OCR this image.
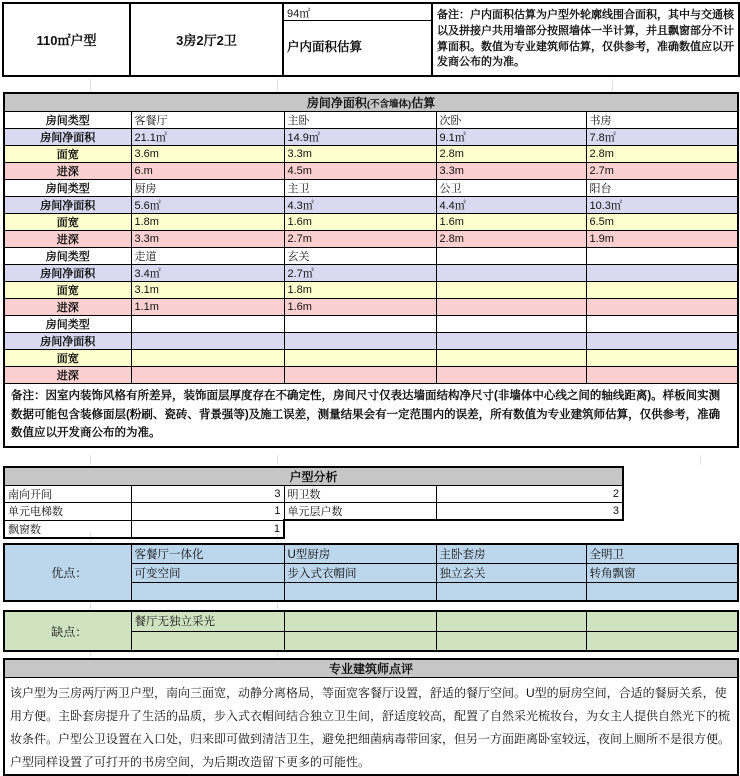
110㎡户型	3房2厅2卫	
94㎡
户内面积估算
	备注：户内面积估算为户型外轮廓线围合面积，其中与交通核以及拼接户共用墙部分按照墙体一半计算，并且飘窗部分不计算面积。数值为专业建筑师估算，仅供参考，准确数值应以开发商公布的为准。
房间净面积(不含墙体)估算				
房间类型	客餐厅	主卧	次卧	书房
房间净面积	21.1㎡	14.9㎡	9.1㎡	7.8㎡
面宽	3.6m	3.3m	2.8m	2.8m
进深	6.m	4.5m	3.3m	2.7m
房间类型	厨房	主卫	公卫	阳台
房间净面积	5.6㎡	4.3㎡	4.4㎡	10.3㎡
面宽	1.8m	1.6m	1.6m	6.5m
进深	3.3m	2.7m	2.8m	1.9m
房间类型	走道	玄关		
房间净面积	3.4㎡	2.7㎡		
面宽	3.1m	1.8m		
进深	1.1m	1.6m		
房间类型				
房间净面积				
面宽				
进深				
备注：因室内装饰风格有所差异，装饰面层厚度存在不确定性，房间尺寸仅表达墙面结构净尺寸(非墙体中心线之间的轴线距离)。样板间实测数据可能包含装修面层(粉刷、瓷砖、背景强等)及施工误差，测量结果会有一定范围内的误差，所有数值为专业建筑师估算，仅供参考，准确数值应以开发商公布的为准。				
户型分析			
南向开间	3	明卫数	2
单元电梯数	1	单元层户数	3
飘窗数	1		
优点：	客餐厅一体化	U型厨房	主卧套房	全明卫
	可变空间	步入式衣帽间	独立玄关	转角飘窗

缺点：	餐厅无独立采光			

专业建筑师点评
该户型为三房两厅两卫户型，南向三面宽，动静分离格局，等面宽客餐厅设置，舒适的餐厅空间。U型的厨房空间，合适的餐厨关系，使用方便。主卧套房提升了生活的品质，步入式衣帽间结合独立卫生间，舒适度较高，配置了自然采光梳妆台，为女主人提供自然光下的梳妆条件。户型公卫设置在入口处，归来即可做到清洁卫生，避免把细菌病毒带回家，但另一方面距离卧室较远，夜间上厕所不是很方便。户型同样设置了可打开的书房空间，为后期改造留下更多的可能性。
